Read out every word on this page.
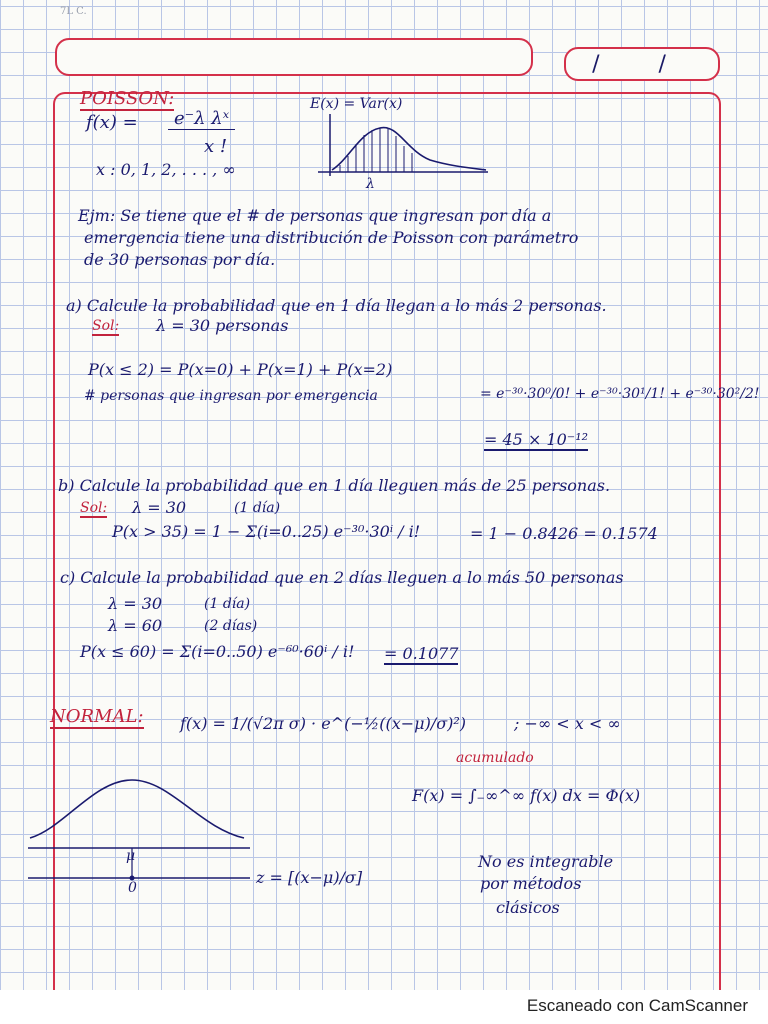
7L C.
/ /
POISSON:
f(x) =	e⁻λ λˣ
x !
x : 0, 1, 2, . . . , ∞
E(x) = Var(x)
λ
Ejm: Se tiene que el # de personas que ingresan por día a
emergencia tiene una distribución de Poisson con parámetro
de 30 personas por día.
a) Calcule la probabilidad que en 1 día llegan a lo más 2 personas.
Sol: λ = 30 personas
P(x ≤ 2) = P(x=0) + P(x=1) + P(x=2)
# personas que ingresan por emergencia	= e⁻³⁰·30⁰/0! + e⁻³⁰·30¹/1! + e⁻³⁰·30²/2!
= 45 × 10⁻¹²
b) Calcule la probabilidad que en 1 día lleguen más de 25 personas.
Sol: λ = 30	(1 día)
P(x > 35) = 1 − Σ(i=0..25) e⁻³⁰·30ⁱ / i!	= 1 − 0.8426 = 0.1574
c) Calcule la probabilidad que en 2 días lleguen a lo más 50 personas
λ = 30	(1 día)
λ = 60	(2 días)
P(x ≤ 60) = Σ(i=0..50) e⁻⁶⁰·60ⁱ / i! = 0.1077
NORMAL: f(x) = 1/(√2π σ) · e^(−½((x−μ)/σ)²)	; −∞ < x < ∞
acumulado
F(x) = ∫₋∞^∞ f(x) dx = Φ(x)
No es integrable
por métodos
clásicos
μ
0
z = [(x−μ)/σ]
Escaneado con CamScanner
